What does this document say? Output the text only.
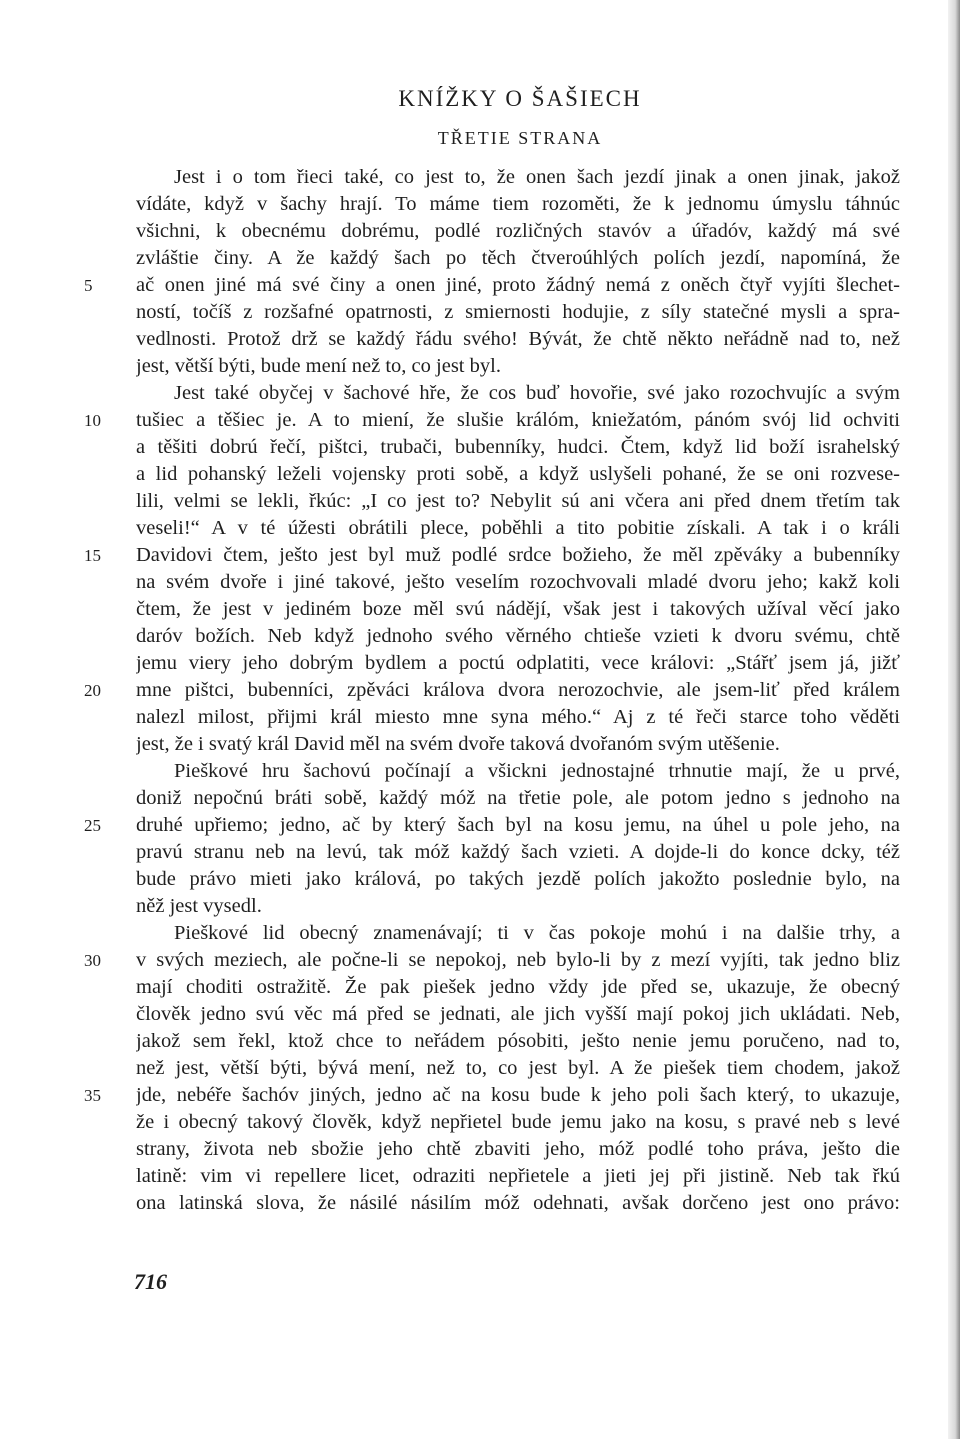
KNÍŽKY O ŠAŠIECH
TŘETIE STRANA
Jest i o tom řieci také, co jest to, že onen šach jezdí jinak a onen jinak, jakož
vídáte, když v šachy hrají. To máme tiem rozoměti, že k jednomu úmyslu táhnúc
všichni, k obecnému dobrému, podlé rozličných stavóv a úřadóv, každý má své
zvláštie činy. A že každý šach po těch čtveroúhlých polích jezdí, napomíná, že
ač onen jiné má své činy a onen jiné, proto žádný nemá z oněch čtyř vyjíti šlechet-
ností, točíš z rozšafné opatrnosti, z smiernosti hodujie, z síly statečné mysli a spra-
vedlnosti. Protož drž se každý řádu svého! Bývát, že chtě někto neřádně nad to, než
jest, větší býti, bude mení než to, co jest byl.
Jest také obyčej v šachové hře, že cos buď hovořie, své jako rozochvujíc a svým
tušiec a těšiec je. A to miení, že slušie králóm, kniežatóm, pánóm svój lid ochviti
a těšiti dobrú řečí, pištci, trubači, bubenníky, hudci. Čtem, když lid boží israhelský
a lid pohanský leželi vojensky proti sobě, a když uslyšeli pohané, že se oni rozvese-
lili, velmi se lekli, řkúc: „I co jest to? Nebylit sú ani včera ani před dnem třetím tak
veseli!“ A v té úžesti obrátili plece, poběhli a tito pobitie získali. A tak i o králi
Davidovi čtem, ješto jest byl muž podlé srdce božieho, že měl zpěváky a bubenníky
na svém dvoře i jiné takové, ješto veselím rozochvovali mladé dvoru jeho; kakž koli
čtem, že jest v jediném boze měl svú nádějí, však jest i takových užíval věcí jako
daróv božích. Neb když jednoho svého věrného chtieše vzieti k dvoru svému, chtě
jemu viery jeho dobrým bydlem a poctú odplatiti, vece královi: „Stářť jsem já, jižť
mne pištci, bubenníci, zpěváci králova dvora nerozochvie, ale jsem-liť před králem
nalezl milost, přijmi král miesto mne syna mého.“ Aj z té řeči starce toho věděti
jest, že i svatý král David měl na svém dvoře taková dvořanóm svým utěšenie.
Pieškové hru šachovú počínají a všickni jednostajné trhnutie mají, že u prvé,
doniž nepočnú bráti sobě, každý móž na třetie pole, ale potom jedno s jednoho na
druhé upřiemo; jedno, ač by který šach byl na kosu jemu, na úhel u pole jeho, na
pravú stranu neb na levú, tak móž každý šach vzieti. A dojde-li do konce dcky, též
bude právo mieti jako králová, po takých jezdě polích jakožto poslednie bylo, na
něž jest vysedl.
Pieškové lid obecný znamenávají; ti v čas pokoje mohú i na dalšie trhy, a
v svých meziech, ale počne-li se nepokoj, neb bylo-li by z mezí vyjíti, tak jedno bliz
mají choditi ostražitě. Že pak piešek jedno vždy jde před se, ukazuje, že obecný
člověk jedno svú věc má před se jednati, ale jich vyšší mají pokoj jich ukládati. Neb,
jakož sem řekl, ktož chce to neřádem pósobiti, ješto nenie jemu poručeno, nad to,
než jest, větší býti, bývá mení, než to, co jest byl. A že piešek tiem chodem, jakož
jde, nebéře šachóv jiných, jedno ač na kosu bude k jeho poli šach který, to ukazuje,
že i obecný takový člověk, když nepřietel bude jemu jako na kosu, s pravé neb s levé
strany, života neb sbožie jeho chtě zbaviti jeho, móž podlé toho práva, ješto die
latině: vim vi repellere licet, odraziti nepřietele a jieti jej při jistině. Neb tak řkú
ona latinská slova, že násilé násilím móž odehnati, avšak dorčeno jest ono právo:
5
10
15
20
25
30
35
716
